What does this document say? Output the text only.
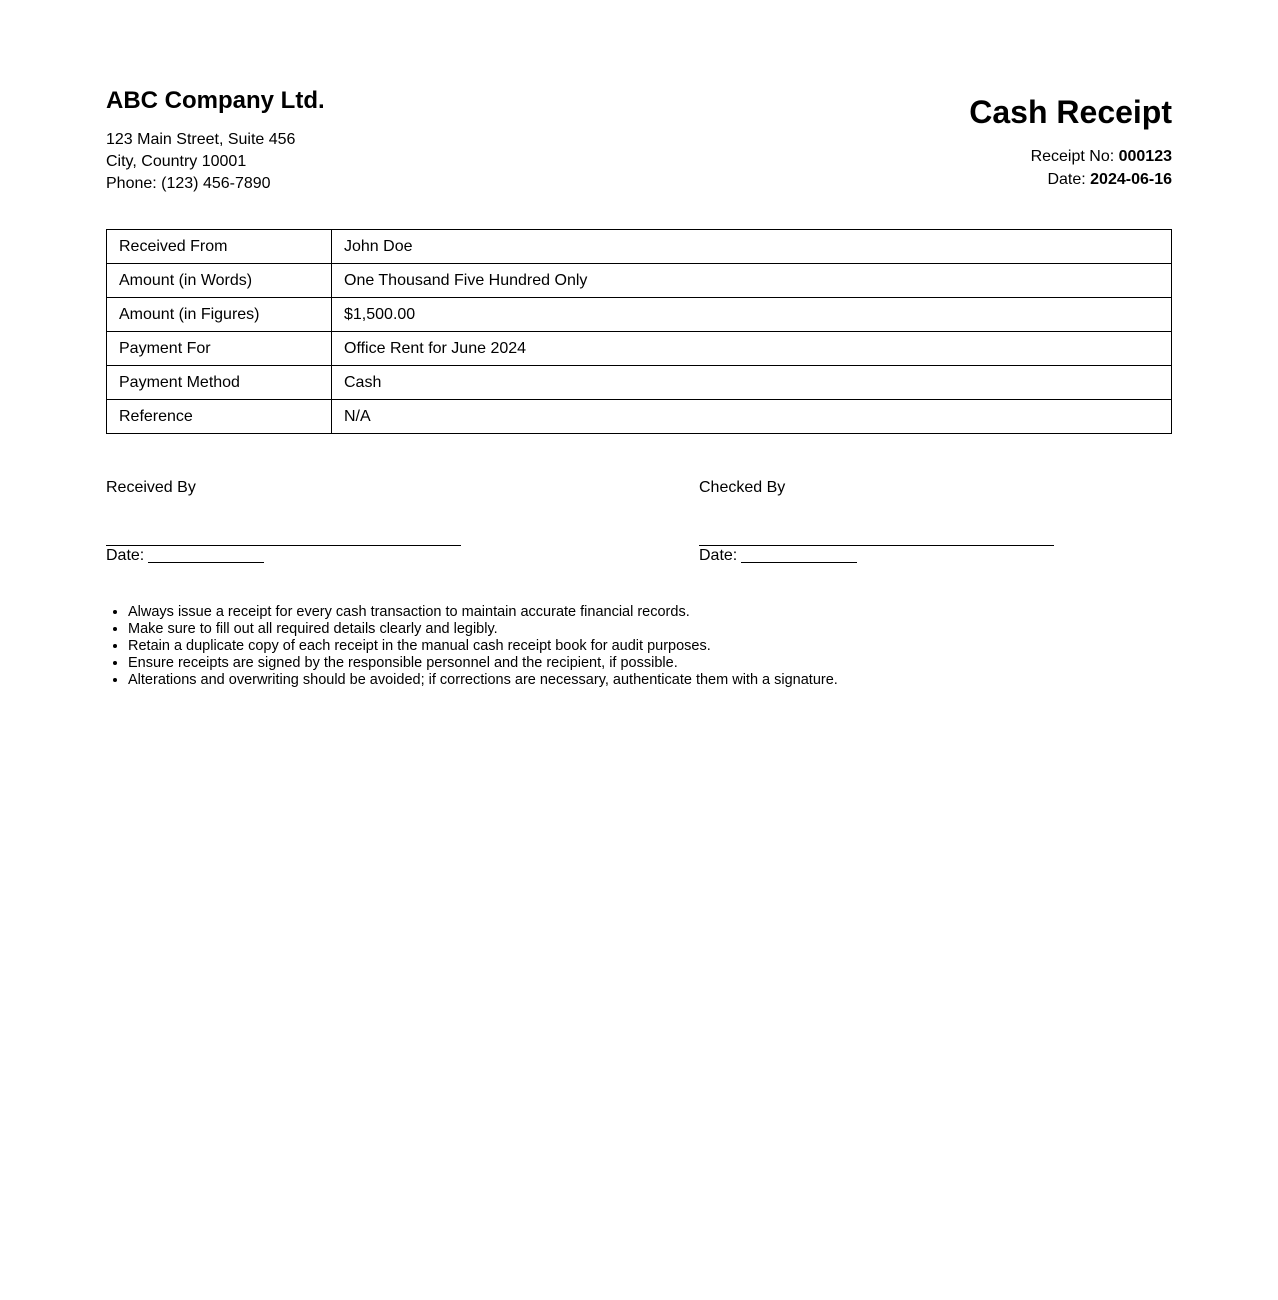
ABC Company Ltd.
123 Main Street, Suite 456
City, Country 10001
Phone: (123) 456-7890
Cash Receipt
Receipt No: 000123
Date: 2024-06-16
Received From	John Doe
Amount (in Words)	One Thousand Five Hundred Only
Amount (in Figures)	$1,500.00
Payment For	Office Rent for June 2024
Payment Method	Cash
Reference	N/A
Received By
Date:
Checked By
Date:
• Always issue a receipt for every cash transaction to maintain accurate financial records.
• Make sure to fill out all required details clearly and legibly.
• Retain a duplicate copy of each receipt in the manual cash receipt book for audit purposes.
• Ensure receipts are signed by the responsible personnel and the recipient, if possible.
• Alterations and overwriting should be avoided; if corrections are necessary, authenticate them with a signature.
